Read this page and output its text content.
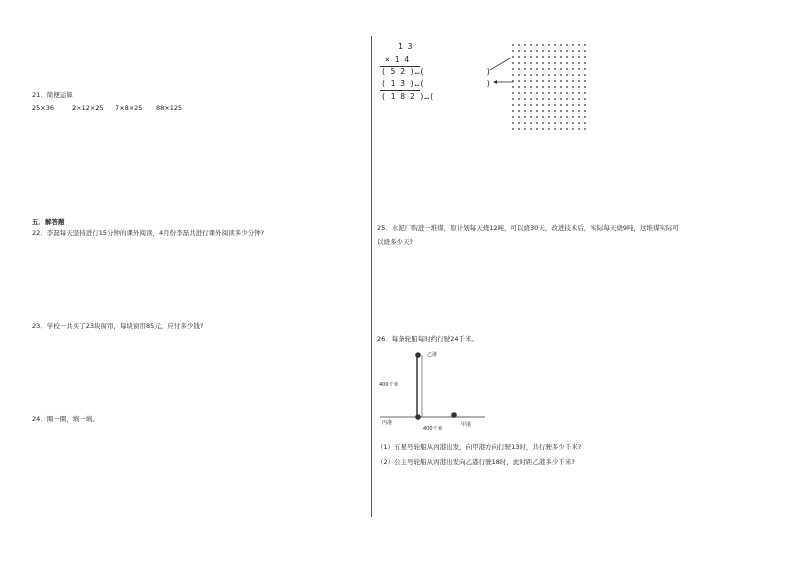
21．简便运算
25×36	2×12×25 7×8×25 88×125
五．解答题
22．李磊每天坚持进行15分钟的课外阅读，4月份李磊共进行课外阅读多少分钟?
23．学校一共买了23块窗帘，每块窗帘85元，应付多少钱?
24．圈一圈，填一填。
1 3
× 1 4
( 5 2 )…(
( 1 3 )…(
( 1 8 2 )…(
)
)
25．水泥厂购进一堆煤，原计划每天烧12吨，可以烧30天，改进技术后，实际每天烧9吨，这堆煤实际可
以烧多少天?
26．每条轮船每时约行驶24千米。
乙港
400千米
丙港
400千米
甲港
（1）五星号轮船从丙港出发，向甲港方向行驶13时，共行驶多少千米?
（2）公主号轮船从丙港出发向乙港行驶18时，此时距乙港多少千米?
